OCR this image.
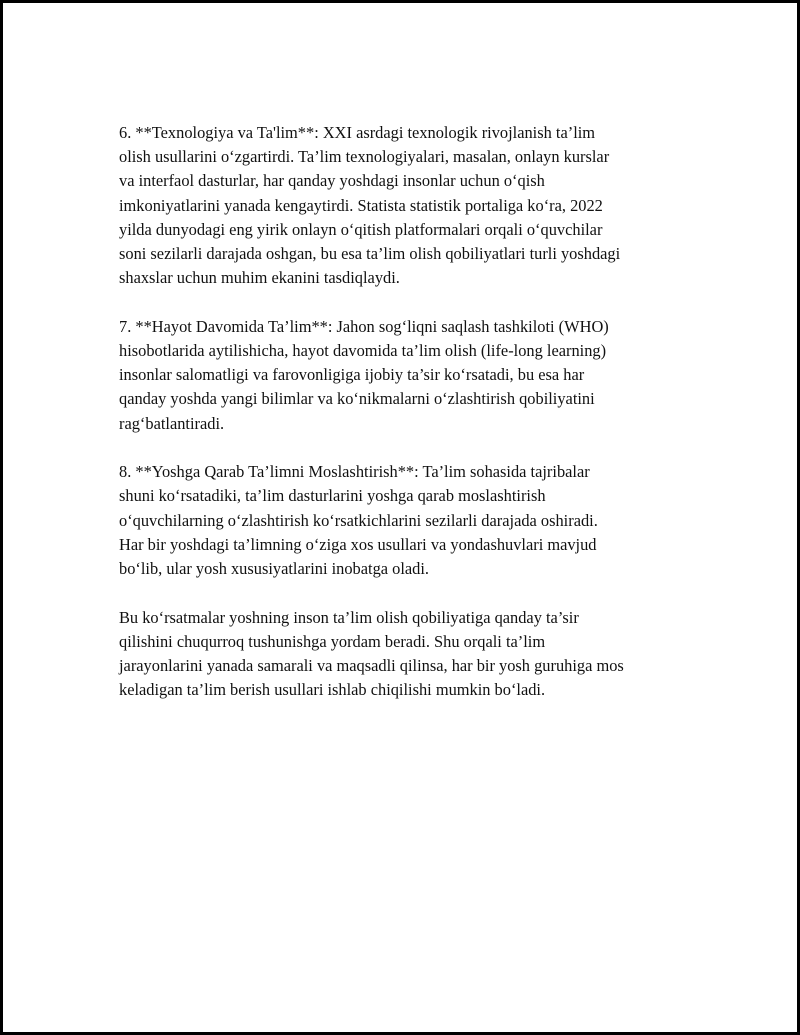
6. **Texnologiya va Ta'lim**: XXI asrdagi texnologik rivojlanish ta’lim
olish usullarini o‘zgartirdi. Ta’lim texnologiyalari, masalan, onlayn kurslar
va interfaol dasturlar, har qanday yoshdagi insonlar uchun o‘qish
imkoniyatlarini yanada kengaytirdi. Statista statistik portaliga ko‘ra, 2022
yilda dunyodagi eng yirik onlayn o‘qitish platformalari orqali o‘quvchilar
soni sezilarli darajada oshgan, bu esa ta’lim olish qobiliyatlari turli yoshdagi
shaxslar uchun muhim ekanini tasdiqlaydi.

7. **Hayot Davomida Ta’lim**: Jahon sog‘liqni saqlash tashkiloti (WHO)
hisobotlarida aytilishicha, hayot davomida ta’lim olish (life-long learning)
insonlar salomatligi va farovonligiga ijobiy ta’sir ko‘rsatadi, bu esa har
qanday yoshda yangi bilimlar va ko‘nikmalarni o‘zlashtirish qobiliyatini
rag‘batlantiradi.

8. **Yoshga Qarab Ta’limni Moslashtirish**: Ta’lim sohasida tajribalar
shuni ko‘rsatadiki, ta’lim dasturlarini yoshga qarab moslashtirish
o‘quvchilarning o‘zlashtirish ko‘rsatkichlarini sezilarli darajada oshiradi.
Har bir yoshdagi ta’limning o‘ziga xos usullari va yondashuvlari mavjud
bo‘lib, ular yosh xususiyatlarini inobatga oladi.

Bu ko‘rsatmalar yoshning inson ta’lim olish qobiliyatiga qanday ta’sir
qilishini chuqurroq tushunishga yordam beradi. Shu orqali ta’lim
jarayonlarini yanada samarali va maqsadli qilinsa, har bir yosh guruhiga mos
keladigan ta’lim berish usullari ishlab chiqilishi mumkin bo‘ladi.
